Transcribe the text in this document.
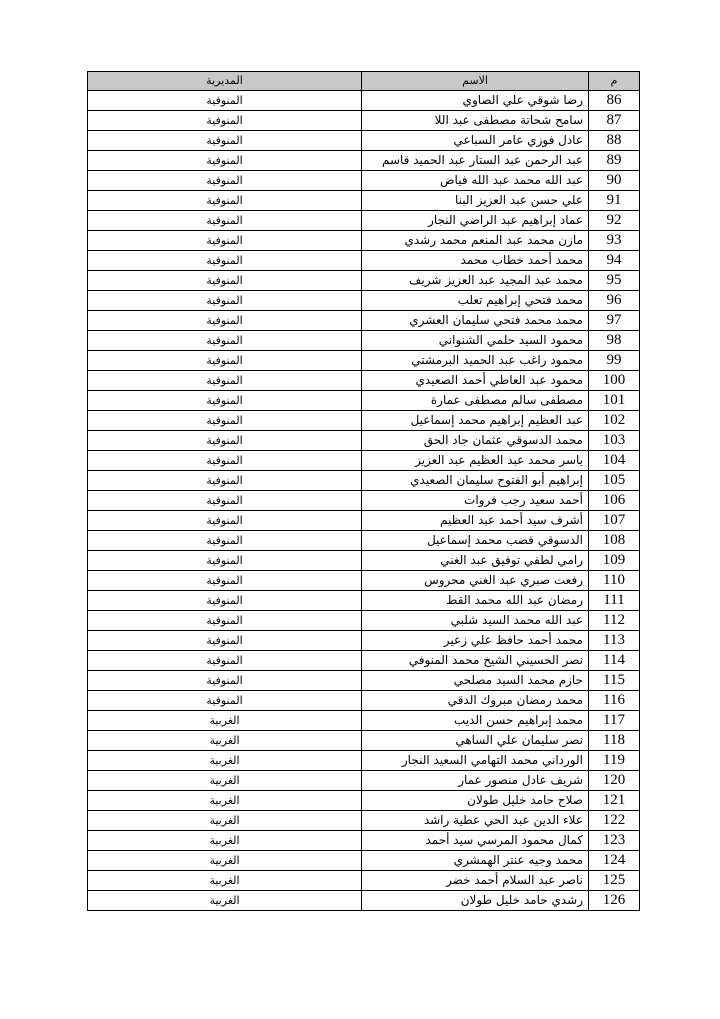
م	الاسم	المديرية
86	رضا شوقي علي الصاوي	المنوفية
87	سامح شحاتة مصطفى عبد اللا	المنوفية
88	عادل فوزي عامر السباعي	المنوفية
89	عبد الرحمن عبد الستار عبد الحميد قاسم	المنوفية
90	عبد الله محمد عبد الله فياض	المنوفية
91	علي حسن عبد العزيز البنا	المنوفية
92	عماد إبراهيم عبد الراضي النجار	المنوفية
93	مازن محمد عبد المنعم محمد رشدي	المنوفية
94	محمد أحمد خطاب محمد	المنوفية
95	محمد عبد المجيد عبد العزيز شريف	المنوفية
96	محمد فتحي إبراهيم تعلب	المنوفية
97	محمد محمد فتحي سليمان العشري	المنوفية
98	محمود السيد حلمي الشنواني	المنوفية
99	محمود راغب عبد الحميد البرمشتي	المنوفية
100	محمود عبد العاطي أحمد الصعيدي	المنوفية
101	مصطفى سالم مصطفى عمارة	المنوفية
102	عبد العظيم إبراهيم محمد إسماعيل	المنوفية
103	محمد الدسوقي عثمان جاد الحق	المنوفية
104	ياسر محمد عبد العظيم عبد العزيز	المنوفية
105	إبراهيم أبو الفتوح سليمان الصعيدي	المنوفية
106	أحمد سعيد رجب فروات	المنوفية
107	أشرف سيد أحمد عبد العظيم	المنوفية
108	الدسوقي قضب محمد إسماعيل	المنوفية
109	رامي لطفي توفيق عبد الغني	المنوفية
110	رفعت صبري عبد الغني محروس	المنوفية
111	رمضان عبد الله محمد القط	المنوفية
112	عبد الله محمد السيد شلبي	المنوفية
113	محمد أحمد حافظ علي زعير	المنوفية
114	نصر الحسيني الشيخ محمد المنوفي	المنوفية
115	حازم محمد السيد مصلحي	المنوفية
116	محمد رمضان مبروك الدقي	المنوفية
117	محمد إبراهيم حسن الديب	الغربية
118	نصر سليمان علي الساهي	الغربية
119	الورداني محمد التهامي السعيد النجار	الغربية
120	شريف عادل منصور عمار	الغربية
121	صلاح حامد خليل طولان	الغربية
122	علاء الدين عبد الحي عطية راشد	الغربية
123	كمال محمود المرسي سيد أحمد	الغربية
124	محمد وجيه عنتر الهمشري	الغربية
125	ناصر عبد السلام أحمد خضر	الغربية
126	رشدي حامد خليل طولان	الغربية
